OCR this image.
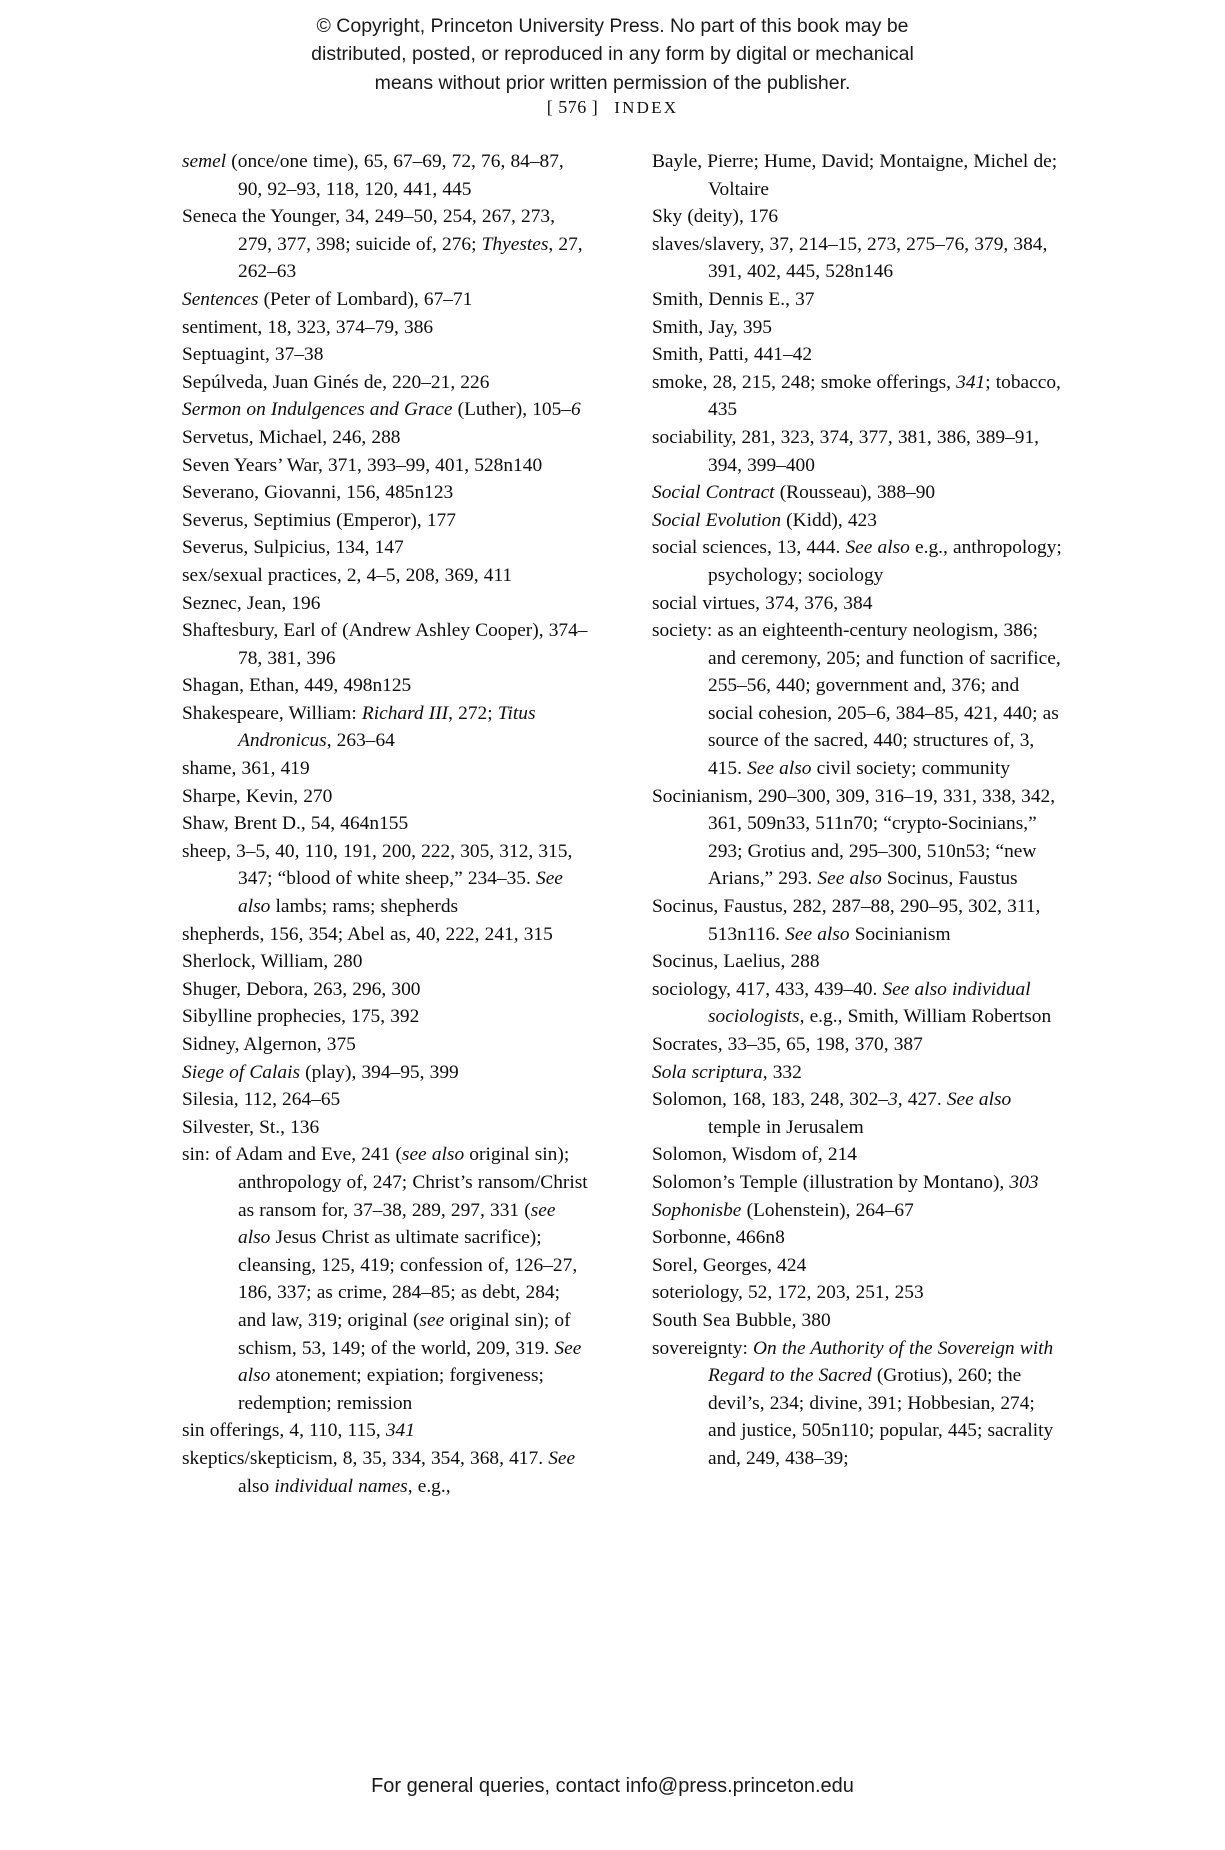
© Copyright, Princeton University Press. No part of this book may be
distributed, posted, or reproduced in any form by digital or mechanical
means without prior written permission of the publisher.
[ 576 ] INDEX

semel (once/one time), 65, 67–69, 72, 76, 84–87, 90, 92–93, 118, 120, 441, 445

Seneca the Younger, 34, 249–50, 254, 267, 273, 279, 377, 398; suicide of, 276; Thyestes, 27, 262–63

Sentences (Peter of Lombard), 67–71

sentiment, 18, 323, 374–79, 386

Septuagint, 37–38

Sepúlveda, Juan Ginés de, 220–21, 226

Sermon on Indulgences and Grace (Luther), 105–6

Servetus, Michael, 246, 288

Seven Years’ War, 371, 393–99, 401, 528n140

Severano, Giovanni, 156, 485n123

Severus, Septimius (Emperor), 177

Severus, Sulpicius, 134, 147

sex/sexual practices, 2, 4–5, 208, 369, 411

Seznec, Jean, 196

Shaftesbury, Earl of (Andrew Ashley Cooper), 374–78, 381, 396

Shagan, Ethan, 449, 498n125

Shakespeare, William: Richard III, 272; Titus Andronicus, 263–64

shame, 361, 419

Sharpe, Kevin, 270

Shaw, Brent D., 54, 464n155

sheep, 3–5, 40, 110, 191, 200, 222, 305, 312, 315, 347; “blood of white sheep,” 234–35. See also lambs; rams; shepherds

shepherds, 156, 354; Abel as, 40, 222, 241, 315

Sherlock, William, 280

Shuger, Debora, 263, 296, 300

Sibylline prophecies, 175, 392

Sidney, Algernon, 375

Siege of Calais (play), 394–95, 399

Silesia, 112, 264–65

Silvester, St., 136

sin: of Adam and Eve, 241 (see also original sin); anthropology of, 247; Christ’s ransom/Christ as ransom for, 37–38, 289, 297, 331 (see also Jesus Christ as ultimate sacrifice); cleansing, 125, 419; confession of, 126–27, 186, 337; as crime, 284–85; as debt, 284; and law, 319; original (see original sin); of schism, 53, 149; of the world, 209, 319. See also atonement; expiation; forgiveness; redemption; remission

sin offerings, 4, 110, 115, 341

skeptics/skepticism, 8, 35, 334, 354, 368, 417. See also individual names, e.g.,

Bayle, Pierre; Hume, David; Montaigne, Michel de; Voltaire

Sky (deity), 176

slaves/slavery, 37, 214–15, 273, 275–76, 379, 384, 391, 402, 445, 528n146

Smith, Dennis E., 37

Smith, Jay, 395

Smith, Patti, 441–42

smoke, 28, 215, 248; smoke offerings, 341; tobacco, 435

sociability, 281, 323, 374, 377, 381, 386, 389–91, 394, 399–400

Social Contract (Rousseau), 388–90

Social Evolution (Kidd), 423

social sciences, 13, 444. See also e.g., anthropology; psychology; sociology

social virtues, 374, 376, 384

society: as an eighteenth-century neologism, 386; and ceremony, 205; and function of sacrifice, 255–56, 440; government and, 376; and social cohesion, 205–6, 384–85, 421, 440; as source of the sacred, 440; structures of, 3, 415. See also civil society; community

Socinianism, 290–300, 309, 316–19, 331, 338, 342, 361, 509n33, 511n70; “crypto-Socinians,” 293; Grotius and, 295–300, 510n53; “new Arians,” 293. See also Socinus, Faustus

Socinus, Faustus, 282, 287–88, 290–95, 302, 311, 513n116. See also Socinianism

Socinus, Laelius, 288

sociology, 417, 433, 439–40. See also individual sociologists, e.g., Smith, William Robertson

Socrates, 33–35, 65, 198, 370, 387

Sola scriptura, 332

Solomon, 168, 183, 248, 302–3, 427. See also temple in Jerusalem

Solomon, Wisdom of, 214

Solomon’s Temple (illustration by Montano), 303

Sophonisbe (Lohenstein), 264–67

Sorbonne, 466n8

Sorel, Georges, 424

soteriology, 52, 172, 203, 251, 253

South Sea Bubble, 380

sovereignty: On the Authority of the Sovereign with Regard to the Sacred (Grotius), 260; the devil’s, 234; divine, 391; Hobbesian, 274; and justice, 505n110; popular, 445; sacrality and, 249, 438–39;

For general queries, contact info@press.princeton.edu
